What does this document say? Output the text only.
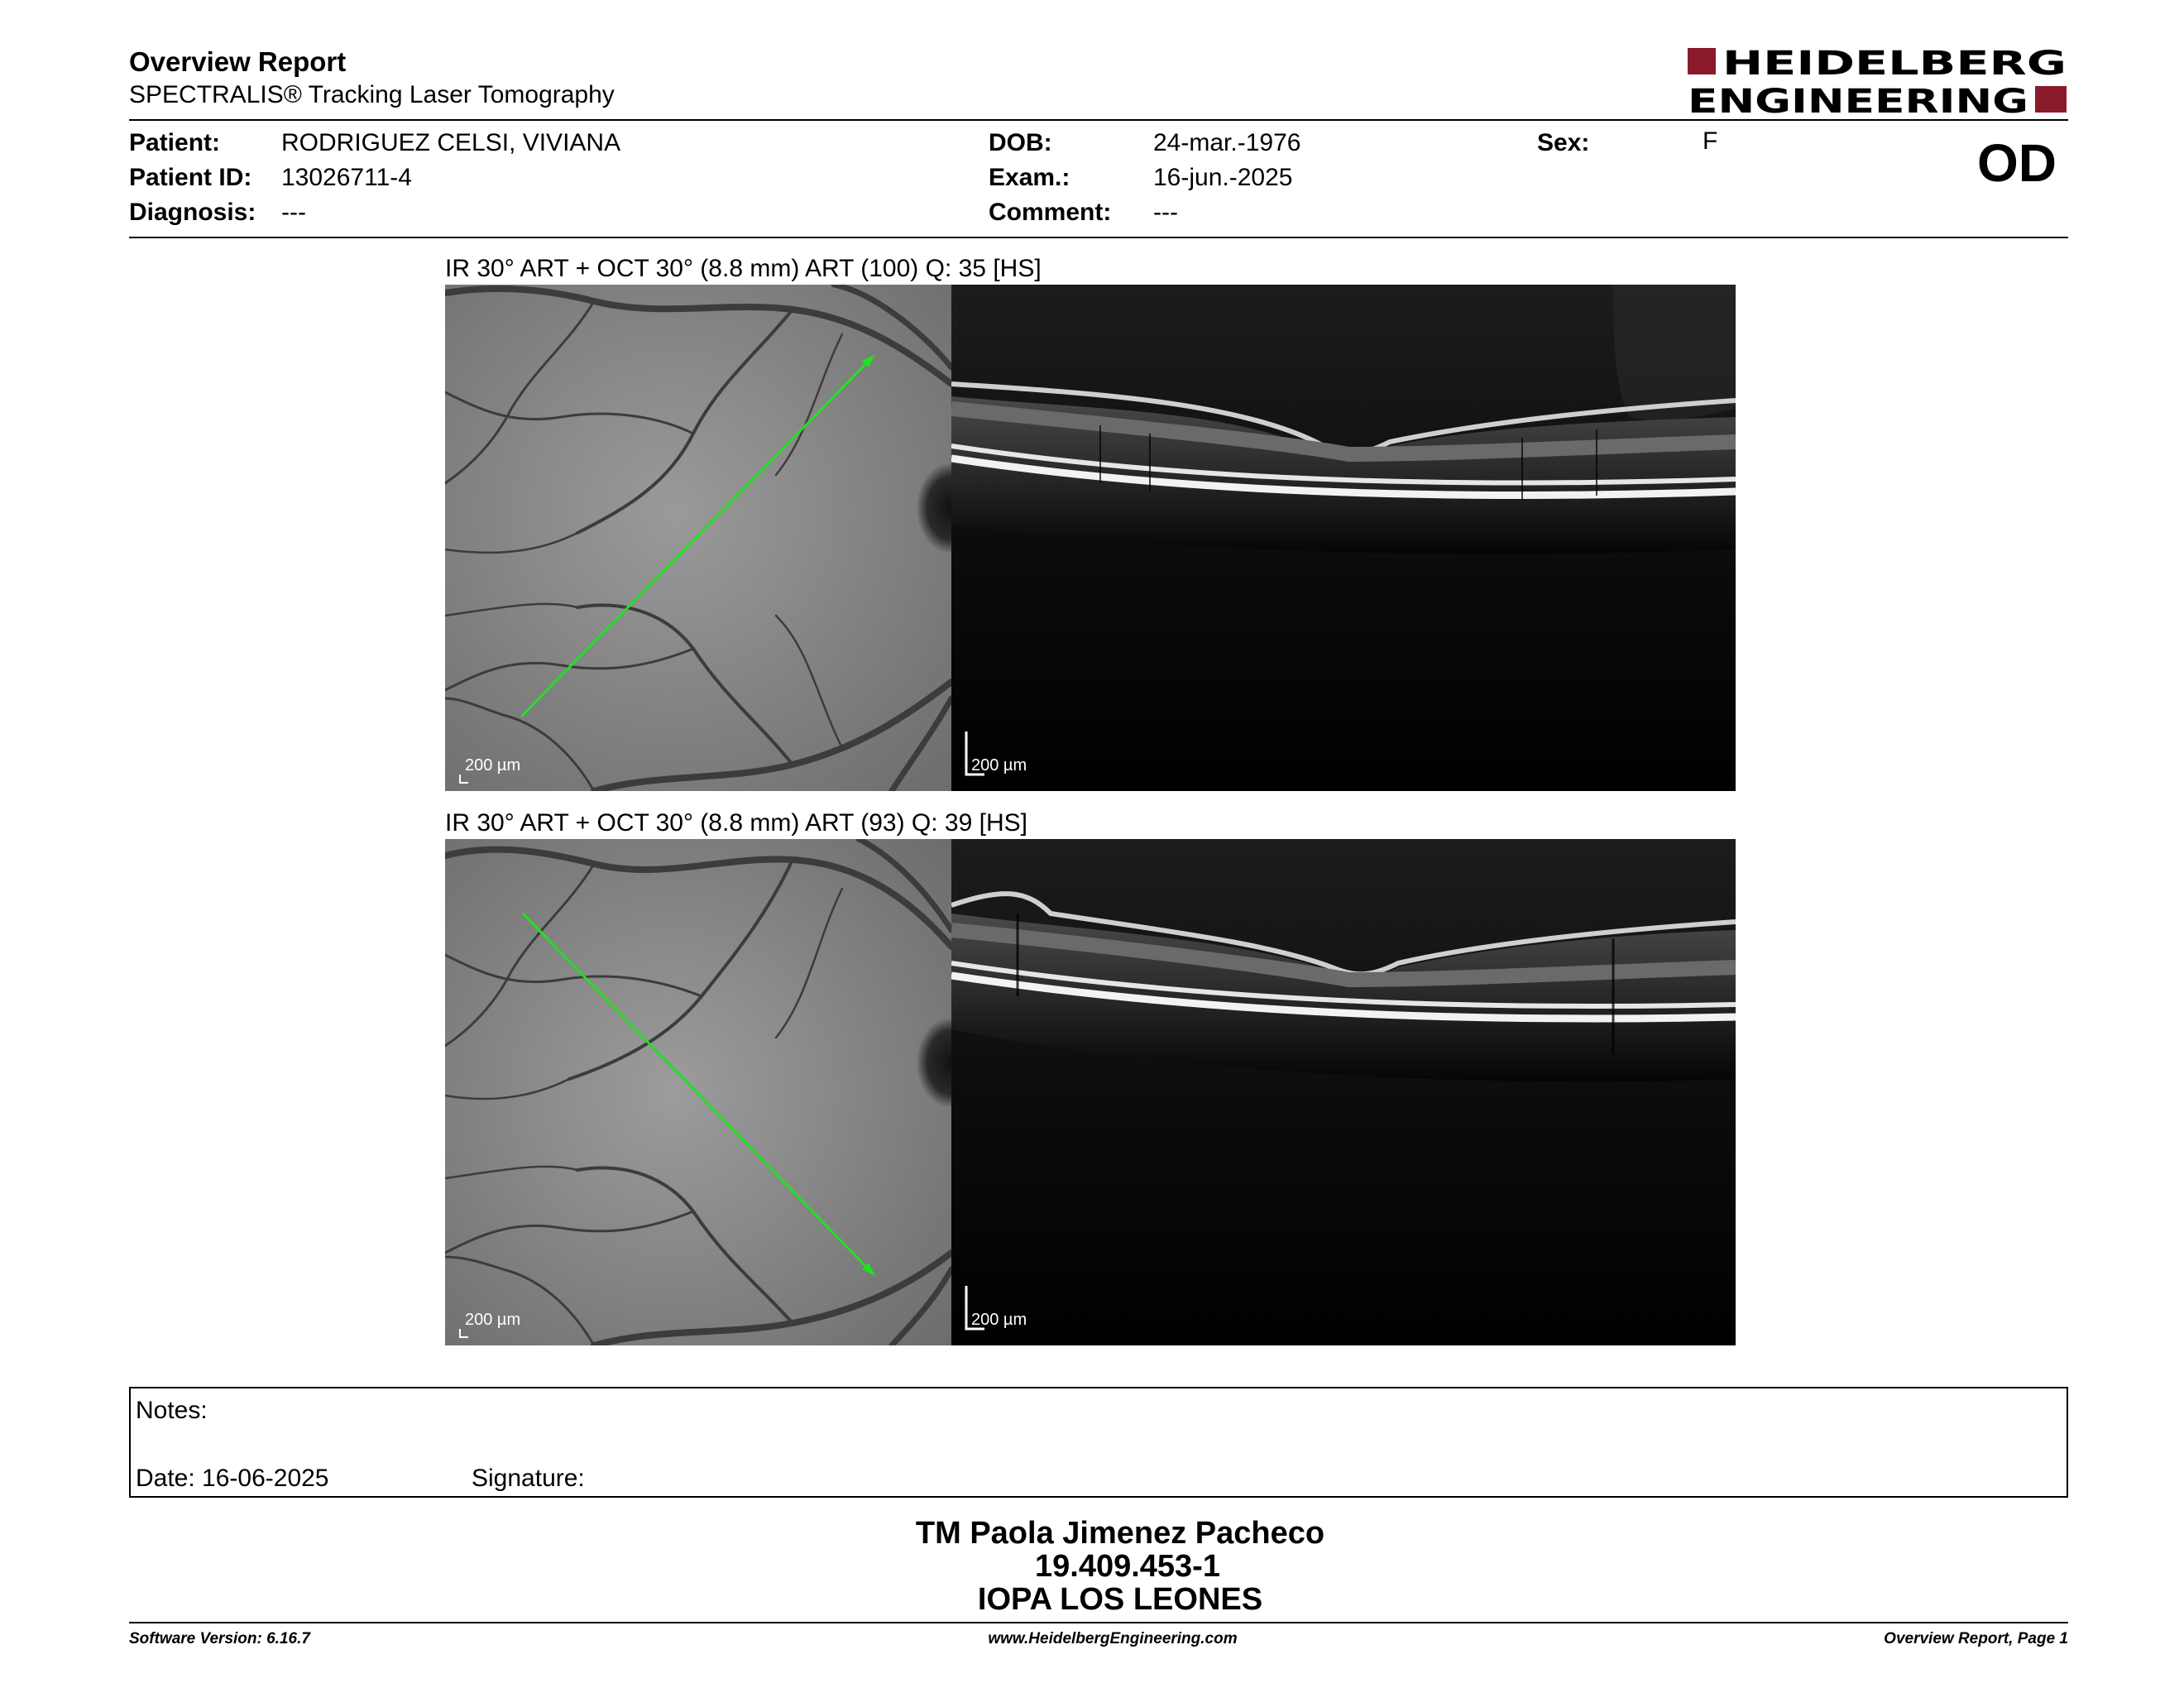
Overview Report
SPECTRALIS® Tracking Laser Tomography
HEIDELBERG
ENGINEERING
Patient: RODRIGUEZ CELSI, VIVIANA
Patient ID: 13026711-4
Diagnosis: ---
DOB:	24-mar.-1976
Exam.:	16-jun.-2025
Comment: ---
Sex:	F	OD
IR 30° ART + OCT 30° (8.8 mm) ART (100) Q: 35 [HS]
200 µm	200 µm
IR 30° ART + OCT 30° (8.8 mm) ART (93) Q: 39 [HS]
200 µm	200 µm
Notes:
Date: 16-06-2025	Signature:
TM Paola Jimenez Pacheco
19.409.453-1
IOPA LOS LEONES
Software Version: 6.16.7	www.HeidelbergEngineering.com	Overview Report, Page 1
